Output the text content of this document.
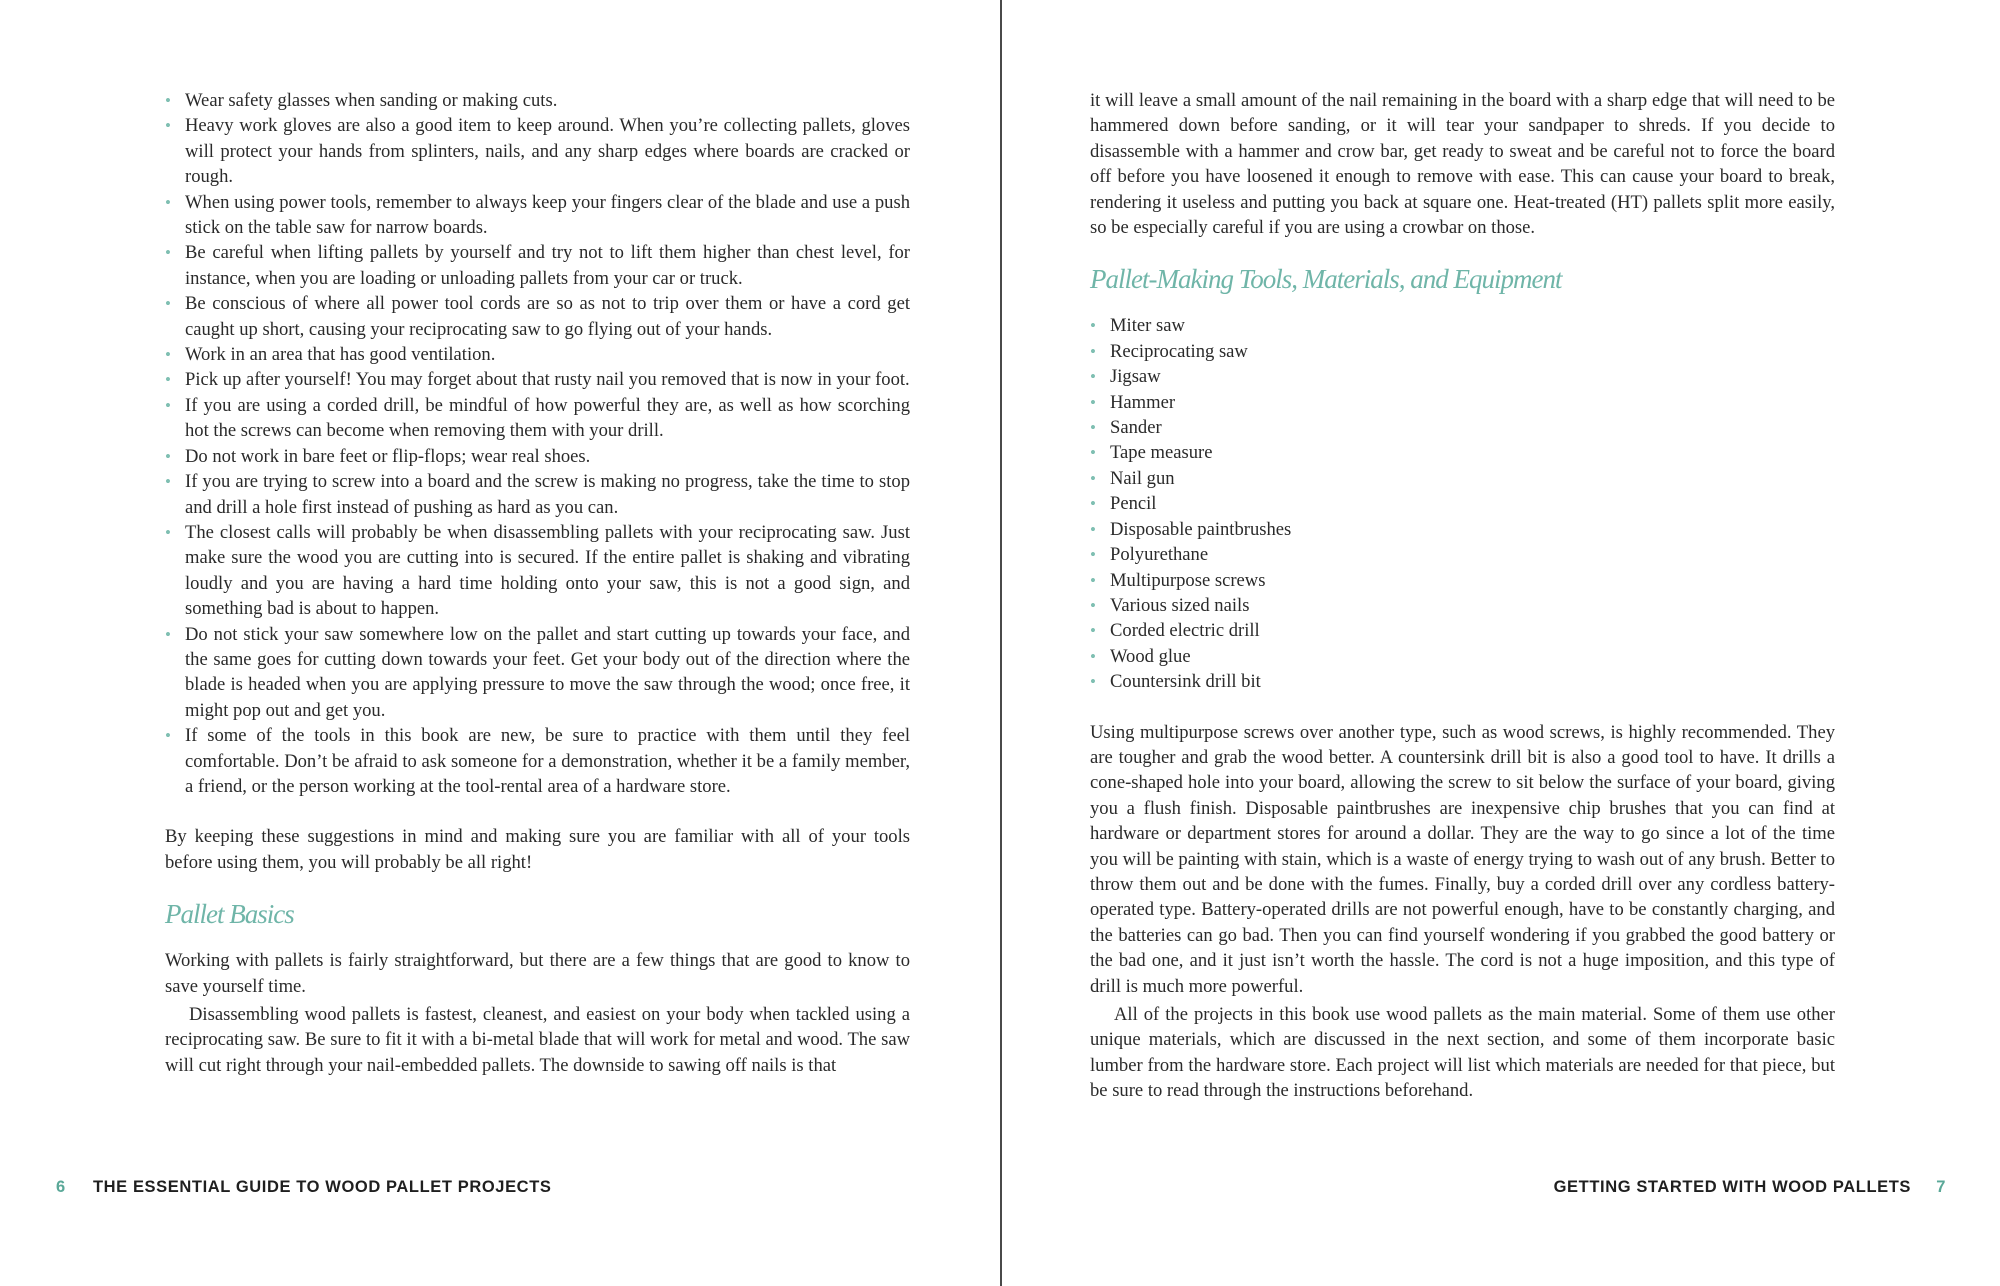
• Wear safety glasses when sanding or making cuts.
• Heavy work gloves are also a good item to keep around. When you’re collecting pallets, gloves will protect your hands from splinters, nails, and any sharp edges where boards are cracked or rough.
• When using power tools, remember to always keep your fingers clear of the blade and use a push stick on the table saw for narrow boards.
• Be careful when lifting pallets by yourself and try not to lift them higher than chest level, for instance, when you are loading or unloading pallets from your car or truck.
• Be conscious of where all power tool cords are so as not to trip over them or have a cord get caught up short, causing your reciprocating saw to go flying out of your hands.
• Work in an area that has good ventilation.
• Pick up after yourself! You may forget about that rusty nail you removed that is now in your foot.
• If you are using a corded drill, be mindful of how powerful they are, as well as how scorching hot the screws can become when removing them with your drill.
• Do not work in bare feet or flip-flops; wear real shoes.
• If you are trying to screw into a board and the screw is making no progress, take the time to stop and drill a hole first instead of pushing as hard as you can.
• The closest calls will probably be when disassembling pallets with your reciprocating saw. Just make sure the wood you are cutting into is secured. If the entire pallet is shaking and vibrating loudly and you are having a hard time holding onto your saw, this is not a good sign, and something bad is about to happen.
• Do not stick your saw somewhere low on the pallet and start cutting up towards your face, and the same goes for cutting down towards your feet. Get your body out of the direction where the blade is headed when you are applying pressure to move the saw through the wood; once free, it might pop out and get you.
• If some of the tools in this book are new, be sure to practice with them until they feel comfortable. Don’t be afraid to ask someone for a demonstration, whether it be a family member, a friend, or the person working at the tool-rental area of a hardware store.

By keeping these suggestions in mind and making sure you are familiar with all of your tools before using them, you will probably be all right!

Pallet Basics

Working with pallets is fairly straightforward, but there are a few things that are good to know to save yourself time.

Disassembling wood pallets is fastest, cleanest, and easiest on your body when tackled using a reciprocating saw. Be sure to fit it with a bi-metal blade that will work for metal and wood. The saw will cut right through your nail-embedded pallets. The downside to sawing off nails is that

6 THE ESSENTIAL GUIDE TO WOOD PALLET PROJECTS

it will leave a small amount of the nail remaining in the board with a sharp edge that will need to be hammered down before sanding, or it will tear your sandpaper to shreds. If you decide to disassemble with a hammer and crow bar, get ready to sweat and be careful not to force the board off before you have loosened it enough to remove with ease. This can cause your board to break, rendering it useless and putting you back at square one. Heat-treated (HT) pallets split more easily, so be especially careful if you are using a crowbar on those.

Pallet-Making Tools, Materials, and Equipment
• Miter saw
• Reciprocating saw
• Jigsaw
• Hammer
• Sander
• Tape measure
• Nail gun
• Pencil
• Disposable paintbrushes
• Polyurethane
• Multipurpose screws
• Various sized nails
• Corded electric drill
• Wood glue
• Countersink drill bit

Using multipurpose screws over another type, such as wood screws, is highly recommended. They are tougher and grab the wood better. A countersink drill bit is also a good tool to have. It drills a cone-shaped hole into your board, allowing the screw to sit below the surface of your board, giving you a flush finish. Disposable paintbrushes are inexpensive chip brushes that you can find at hardware or department stores for around a dollar. They are the way to go since a lot of the time you will be painting with stain, which is a waste of energy trying to wash out of any brush. Better to throw them out and be done with the fumes. Finally, buy a corded drill over any cordless battery-operated type. Battery-operated drills are not powerful enough, have to be constantly charging, and the batteries can go bad. Then you can find yourself wondering if you grabbed the good battery or the bad one, and it just isn’t worth the hassle. The cord is not a huge imposition, and this type of drill is much more powerful.

All of the projects in this book use wood pallets as the main material. Some of them use other unique materials, which are discussed in the next section, and some of them incorporate basic lumber from the hardware store. Each project will list which materials are needed for that piece, but be sure to read through the instructions beforehand.

GETTING STARTED WITH WOOD PALLETS 7
